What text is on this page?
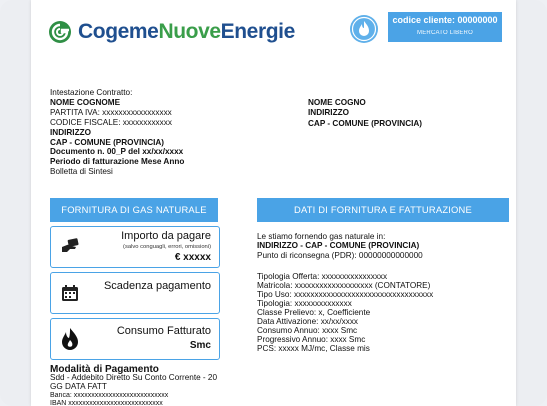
CogemeNuoveEnergie	codice cliente: 00000000
MERCATO LIBERO
Intestazione Contratto:
NOME COGNOME
PARTITA IVA: xxxxxxxxxxxxxxxxx
CODICE FISCALE: xxxxxxxxxxxx
INDIRIZZO
CAP - COMUNE (PROVINCIA)
Documento n. 00_P del xx/xx/xxxx
Periodo di fatturazione Mese Anno
Bolletta di Sintesi
NOME COGNO
INDIRIZZO
CAP - COMUNE (PROVINCIA)
FORNITURA DI GAS NATURALE	DATI DI FORNITURA E FATTURAZIONE
Importo da pagare
(salvo conguagli, errori, omissioni)
€ xxxxx
Scadenza pagamento
Consumo Fatturato
Smc
Modalità di Pagamento
Sdd - Addebito Diretto Su Conto Corrente - 20
GG DATA FATT
Banca: xxxxxxxxxxxxxxxxxxxxxxxxxxx
IBAN xxxxxxxxxxxxxxxxxxxxxxxxxxx
Le stiamo fornendo gas naturale in:
INDIRIZZO - CAP - COMUNE (PROVINCIA)
Punto di riconsegna (PDR): 00000000000000
Tipologia Offerta: xxxxxxxxxxxxxxxx
Matricola: xxxxxxxxxxxxxxxxxxx (CONTATORE)
Tipo Uso: xxxxxxxxxxxxxxxxxxxxxxxxxxxxxxxxxx
Tipologia: xxxxxxxxxxxxxx
Classe Prelievo: x, Coefficiente
Data Attivazione: xx/xx/xxxx
Consumo Annuo: xxxx Smc
Progressivo Annuo: xxxx Smc
PCS: xxxxx MJ/mc, Classe mis
